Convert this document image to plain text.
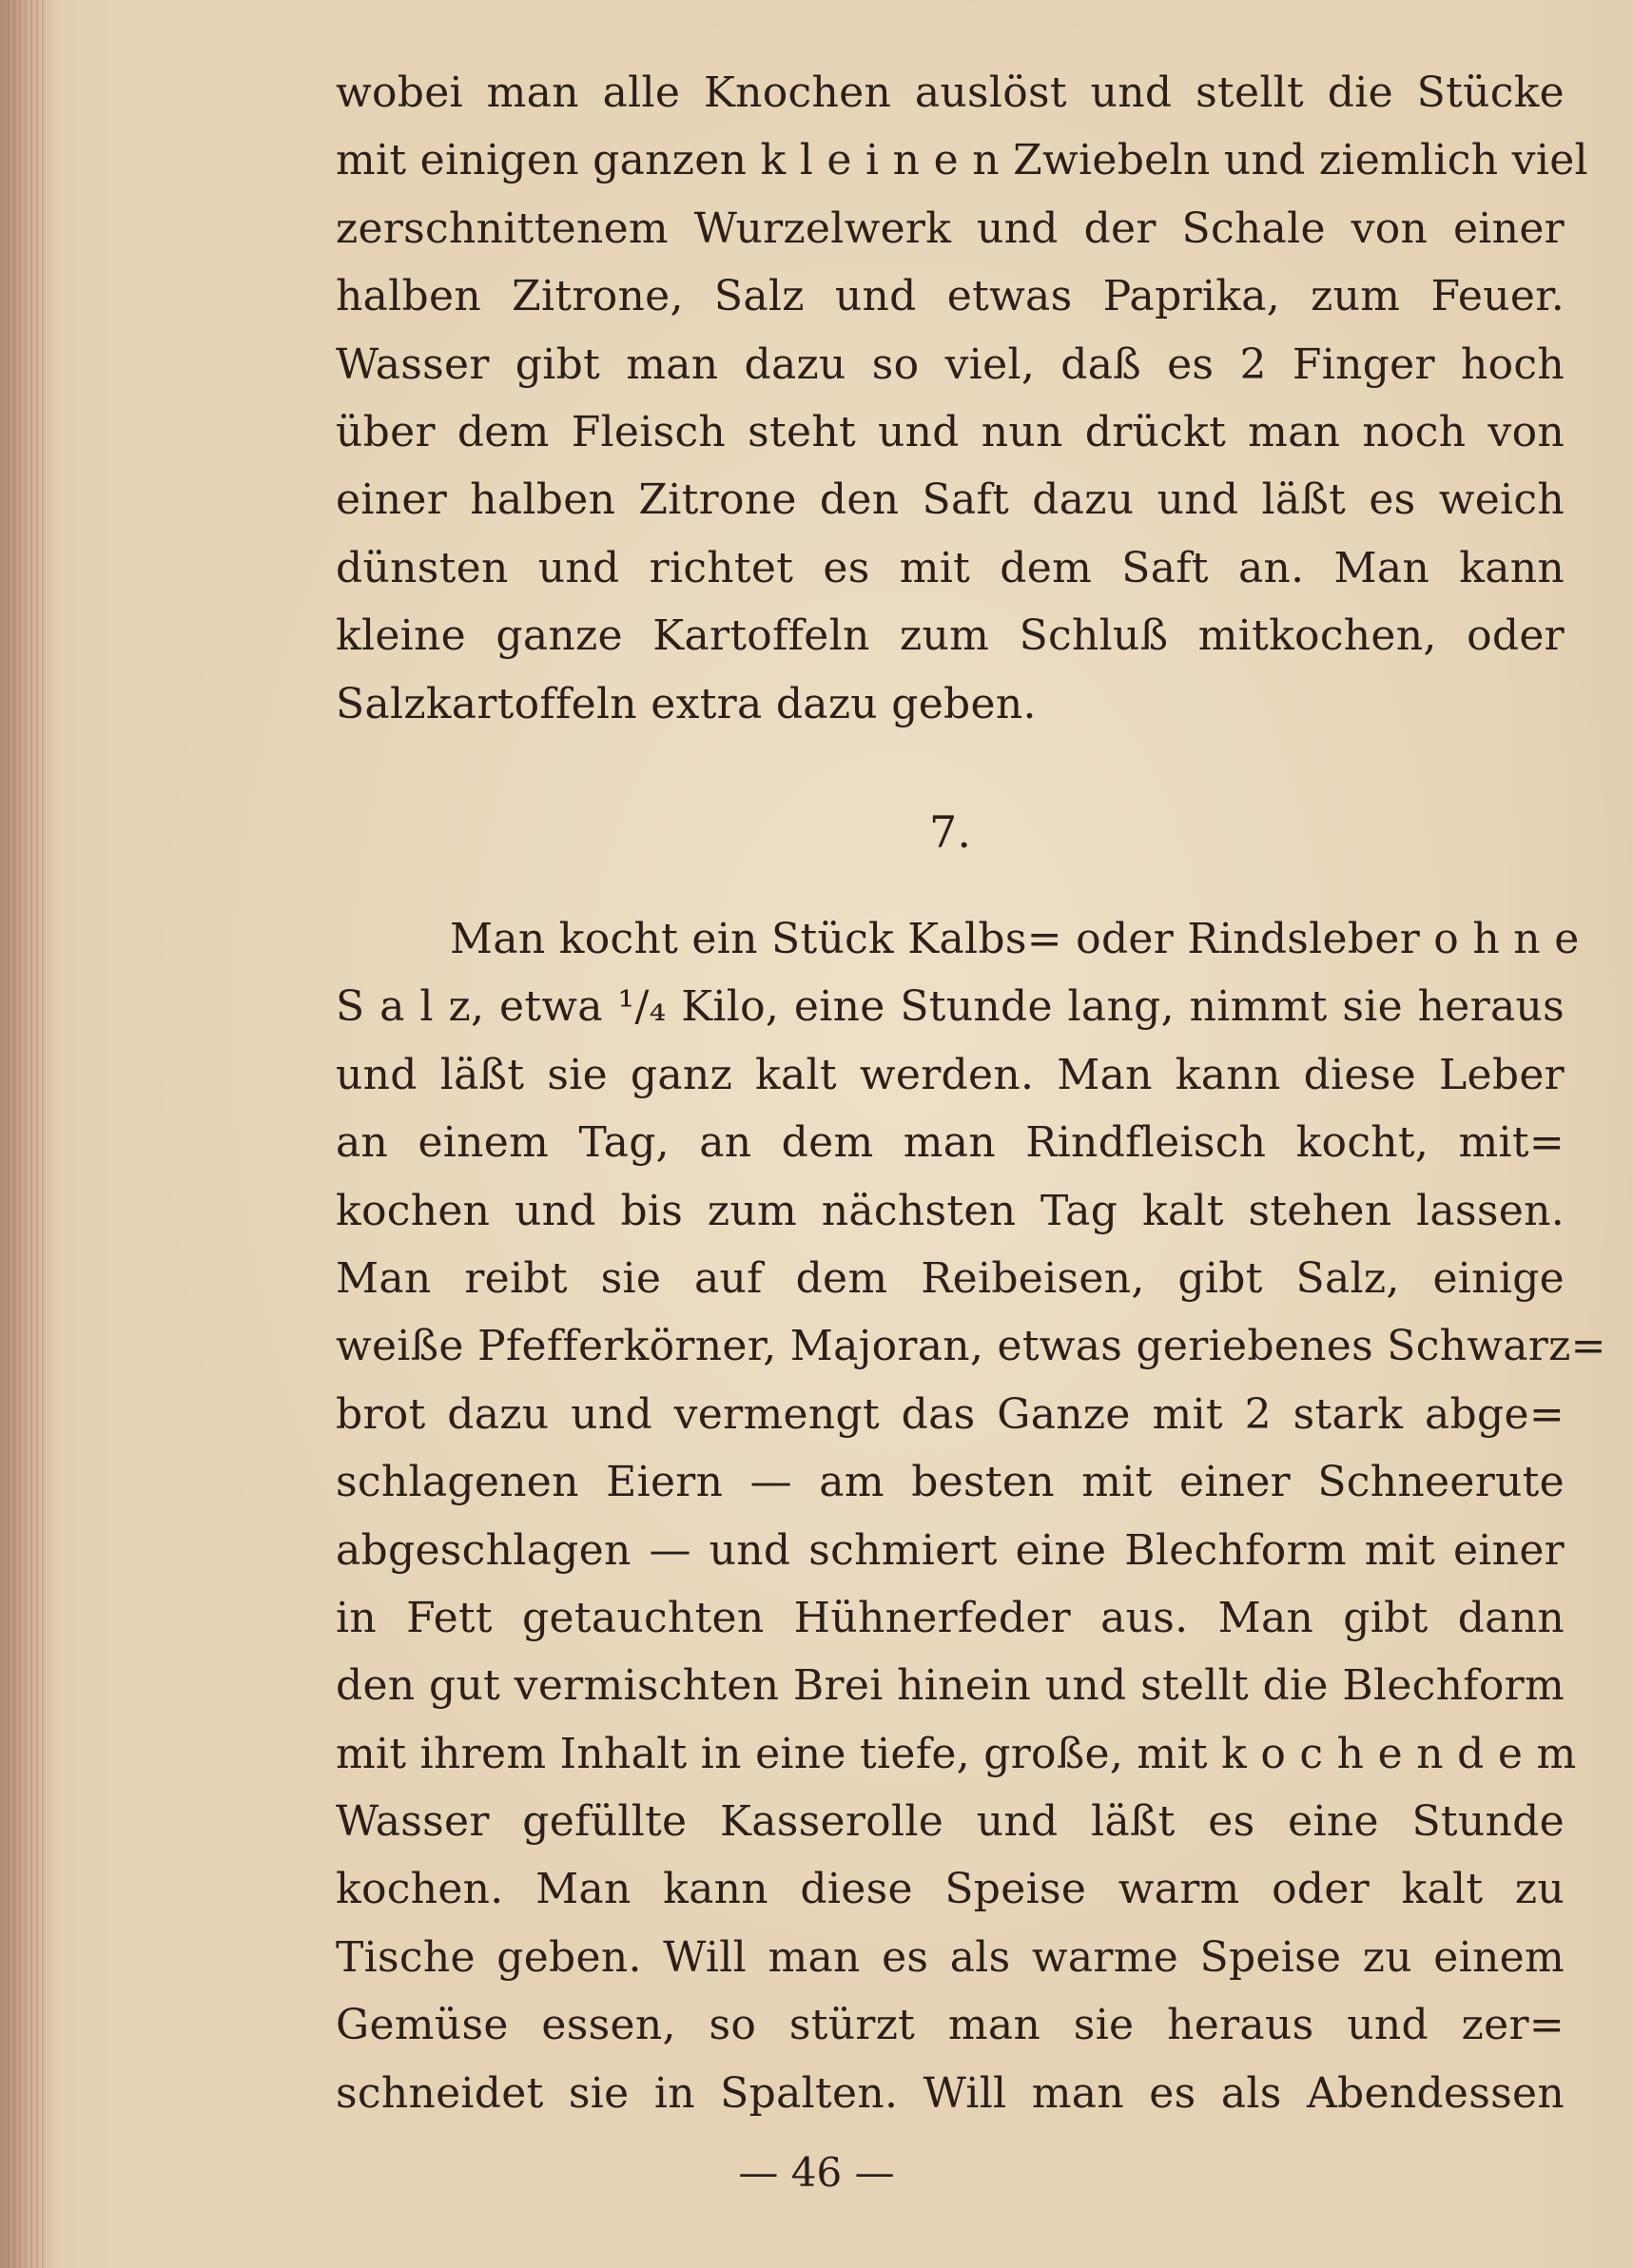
wobei man alle Knochen auslöst und stellt die Stücke
mit einigen ganzen k l e i n e n Zwiebeln und ziemlich viel
zerschnittenem Wurzelwerk und der Schale von einer
halben Zitrone, Salz und etwas Paprika, zum Feuer.
Wasser gibt man dazu so viel, daß es 2 Finger hoch
über dem Fleisch steht und nun drückt man noch von
einer halben Zitrone den Saft dazu und läßt es weich
dünsten und richtet es mit dem Saft an. Man kann
kleine ganze Kartoffeln zum Schluß mitkochen, oder
Salzkartoffeln extra dazu geben.
7.
Man kocht ein Stück Kalbs= oder Rindsleber o h n e
S a l z, etwa ¹/₄ Kilo, eine Stunde lang, nimmt sie heraus
und läßt sie ganz kalt werden. Man kann diese Leber
an einem Tag, an dem man Rindfleisch kocht, mit=
kochen und bis zum nächsten Tag kalt stehen lassen.
Man reibt sie auf dem Reibeisen, gibt Salz, einige
weiße Pfefferkörner, Majoran, etwas geriebenes Schwarz=
brot dazu und vermengt das Ganze mit 2 stark abge=
schlagenen Eiern — am besten mit einer Schneerute
abgeschlagen — und schmiert eine Blechform mit einer
in Fett getauchten Hühnerfeder aus. Man gibt dann
den gut vermischten Brei hinein und stellt die Blechform
mit ihrem Inhalt in eine tiefe, große, mit k o c h e n d e m
Wasser gefüllte Kasserolle und läßt es eine Stunde
kochen. Man kann diese Speise warm oder kalt zu
Tische geben. Will man es als warme Speise zu einem
Gemüse essen, so stürzt man sie heraus und zer=
schneidet sie in Spalten. Will man es als Abendessen
— 46 —
